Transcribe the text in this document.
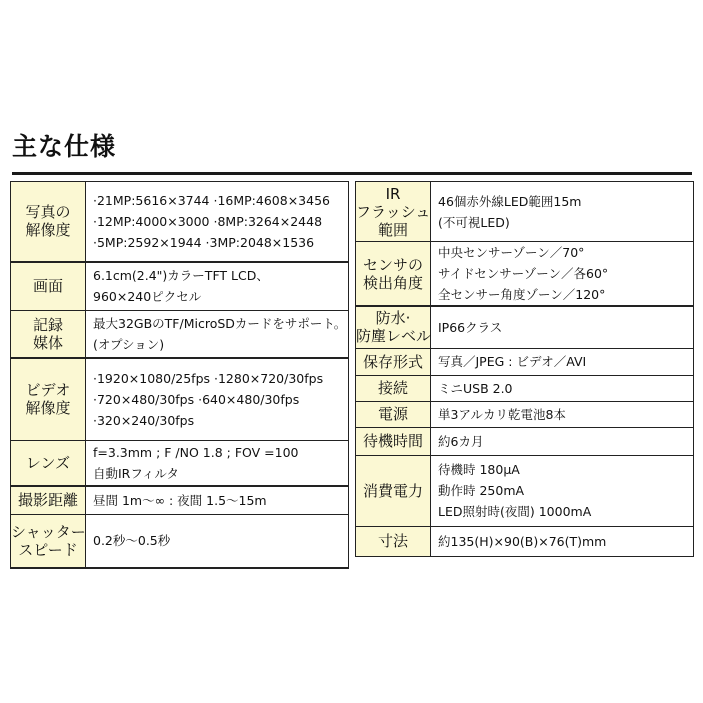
主な仕様
写真の
解像度	·21MP:5616×3744 ·16MP:4608×3456
·12MP:4000×3000 ·8MP:3264×2448
·5MP:2592×1944 ·3MP:2048×1536

画面	6.1cm(2.4")カラーTFT LCD、
960×240ピクセル

記録
媒体	最大32GBのTF/MicroSDカードをサポート。
(オプション)

ビデオ
解像度	·1920×1080/25fps ·1280×720/30fps
·720×480/30fps ·640×480/30fps
·320×240/30fps

レンズ	f=3.3mm ; F /NO 1.8 ; FOV =100
自動IRフィルタ

撮影距離	昼間 1m～∞ : 夜間 1.5～15m

シャッター
スピード	0.2秒～0.5秒
IR
フラッシュ
範囲	46個赤外線LED範囲15m
(不可視LED)

センサの
検出角度	中央センサーゾーン／70°
サイドセンサーゾーン／各60°
全センサー角度ゾーン／120°

防水·
防塵レベル	IP66クラス

保存形式	写真／JPEG : ビデオ／AVI

接続	ミニUSB 2.0

電源	単3アルカリ乾電池8本

待機時間	約6カ月

消費電力	待機時 180μA
動作時 250mA
LED照射時(夜間) 1000mA

寸法	約135(H)×90(B)×76(T)mm
